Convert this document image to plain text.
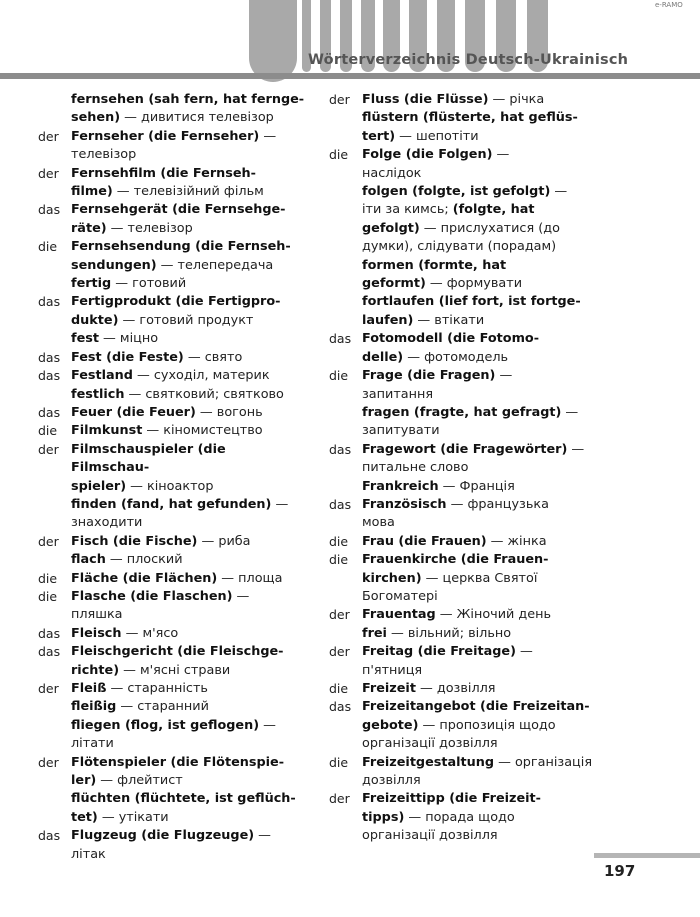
Wörterverzeichnis Deutsch-Ukrainisch
e-RAMO
fernsehen (sah fern, hat fernge-
sehen) — дивитися телевізор
der Fernseher (die Fernseher) —
телевізор
der Fernsehfilm (die Fernseh-
filme) — телевізійний фільм
das Fernsehgerät (die Fernsehge-
räte) — телевізор
die	Fernsehsendung (die Fernseh-
sendungen) — телепередача
fertig — готовий
das Fertigprodukt (die Fertigpro-
dukte) — готовий продукт
fest — міцно
das Fest (die Feste) — свято
das Festland — суходіл, материк
festlich — святковий; святково
das Feuer (die Feuer) — вогонь
die	Filmkunst — кіномистецтво
der Filmschauspieler (die Filmschau-
spieler) — кіноактор
finden (fand, hat gefunden) —
знаходити
der Fisch (die Fische) — риба
flach — плоский
die	Fläche (die Flächen) — площа
die	Flasche (die Flaschen) —
пляшка
das Fleisch — м'ясо
das Fleischgericht (die Fleischge-
richte) — м'ясні страви
der Fleiß — старанність
fleißig — старанний
fliegen (flog, ist geflogen) —
літати
der Flötenspieler (die Flötenspie-
ler) — флейтист
flüchten (flüchtete, ist geflüch-
tet) — утікати
das Flugzeug (die Flugzeuge) —
літак
der Fluss (die Flüsse) — річка
flüstern (flüsterte, hat geflüs-
tert) — шепотіти
die	Folge (die Folgen) —
наслідок
folgen (folgte, ist gefolgt) —
іти за кимсь; (folgte, hat
gefolgt) — прислухатися (до
думки), слідувати (порадам)
formen (formte, hat
geformt) — формувати
fortlaufen (lief fort, ist fortge-
laufen) — втікати
das Fotomodell (die Fotomo-
delle) — фотомодель
die	Frage (die Fragen) —
запитання
fragen (fragte, hat gefragt) —
запитувати
das Fragewort (die Fragewörter) —
питальне слово
Frankreich — Франція
das Französisch — французька
мова
die	Frau (die Frauen) — жінка
die	Frauenkirche (die Frauen-
kirchen) — церква Святої
Богоматері
der Frauentag — Жіночий день
frei — вільний; вільно
der Freitag (die Freitage) —
п'ятниця
die	Freizeit — дозвілля
das Freizeitangebot (die Freizeitan-
gebote) — пропозиція щодо
організації дозвілля
die	Freizeitgestaltung — організація
дозвілля
der Freizeittipp (die Freizeit-
tipps) — порада щодо
організації дозвілля
197
